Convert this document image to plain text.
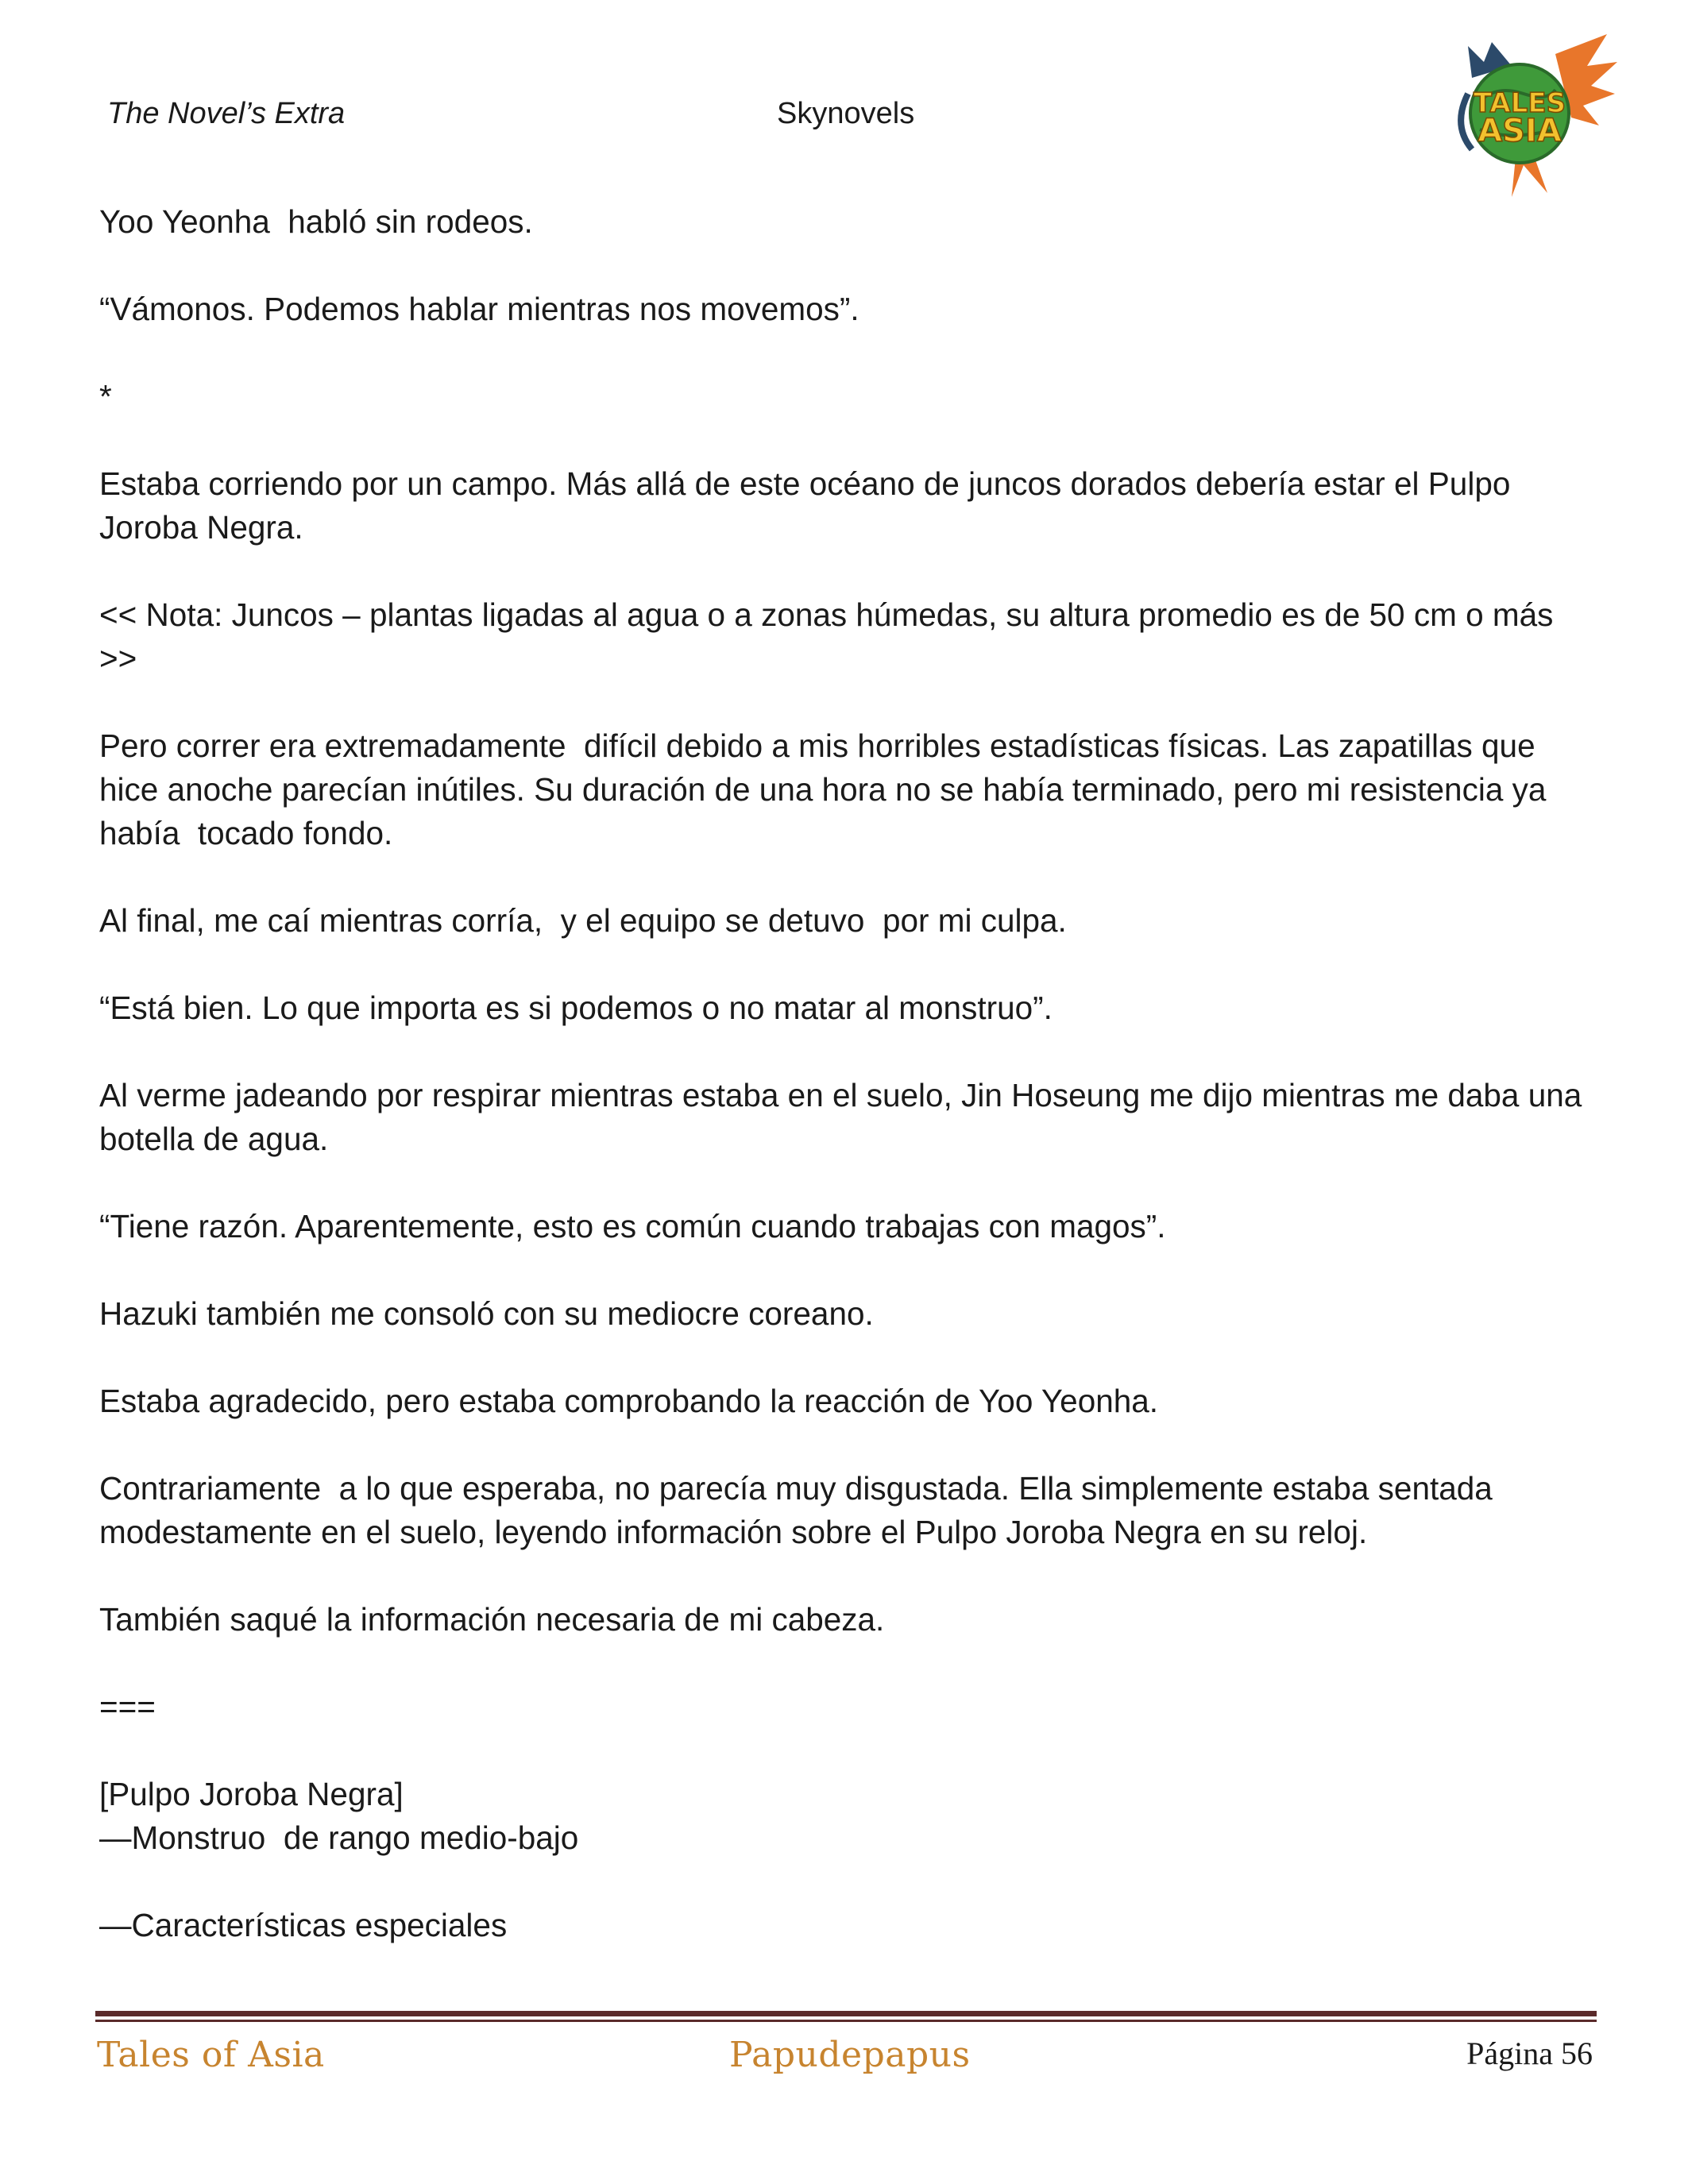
The Novel’s Extra	Skynovels	TALES
ASIA

Yoo Yeonha  habló sin rodeos.

“Vámonos. Podemos hablar mientras nos movemos”.

*

Estaba corriendo por un campo. Más allá de este océano de juncos dorados debería estar el Pulpo Joroba Negra.

<< Nota: Juncos – plantas ligadas al agua o a zonas húmedas, su altura promedio es de 50 cm o más >>

Pero correr era extremadamente  difícil debido a mis horribles estadísticas físicas. Las zapatillas que hice anoche parecían inútiles. Su duración de una hora no se había terminado, pero mi resistencia ya había  tocado fondo.

Al final, me caí mientras corría,  y el equipo se detuvo  por mi culpa.

“Está bien. Lo que importa es si podemos o no matar al monstruo”.

Al verme jadeando por respirar mientras estaba en el suelo, Jin Hoseung me dijo mientras me daba una botella de agua.

“Tiene razón. Aparentemente, esto es común cuando trabajas con magos”.

Hazuki también me consoló con su mediocre coreano.

Estaba agradecido, pero estaba comprobando la reacción de Yoo Yeonha.

Contrariamente  a lo que esperaba, no parecía muy disgustada. Ella simplemente estaba sentada modestamente en el suelo, leyendo información sobre el Pulpo Joroba Negra en su reloj.

También saqué la información necesaria de mi cabeza.

===

[Pulpo Joroba Negra]

—Monstruo  de rango medio-bajo

—Características especiales

Tales of Asia	Papudepapus	Página 56
